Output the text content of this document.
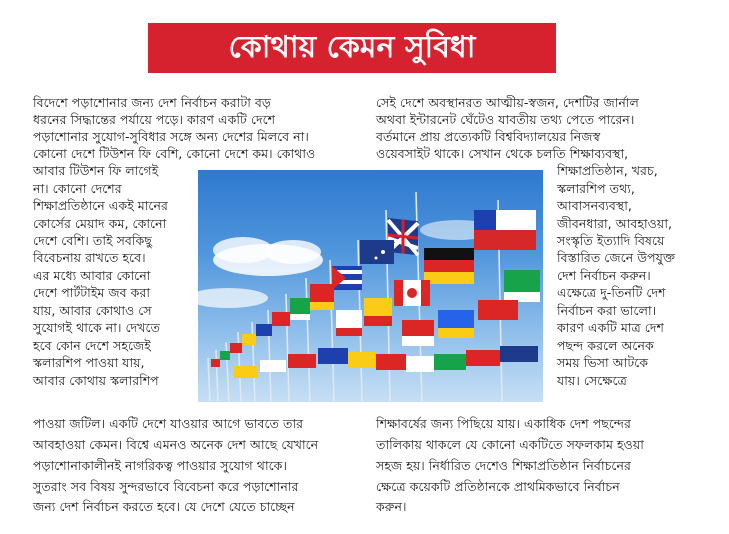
কোথায় কেমন সুবিধা
বিদেশে পড়াশোনার জন্য দেশ নির্বাচন করাটা বড়
ধরনের সিদ্ধান্তের পর্যায়ে পড়ে। কারণ একটি দেশে
পড়াশোনার সুযোগ-সুবিধার সঙ্গে অন্য দেশের মিলবে না।
কোনো দেশে টিউশন ফি বেশি, কোনো দেশে কম। কোথাও
আবার টিউশন ফি লাগেই
না। কোনো দেশের
শিক্ষাপ্রতিষ্ঠানে একই মানের
কোর্সের মেয়াদ কম, কোনো
দেশে বেশি। তাই সবকিছু
বিবেচনায় রাখতে হবে।
এর মধ্যে আবার কোনো
দেশে পার্টটাইম জব করা
যায়, আবার কোথাও সে
সুযোগই থাকে না। দেখতে
হবে কোন দেশে সহজেই
স্কলারশিপ পাওয়া যায়,
আবার কোথায় স্কলারশিপ
পাওয়া জটিল। একটি দেশে যাওয়ার আগে ভাবতে তার
আবহাওয়া কেমন। বিশ্বে এমনও অনেক দেশ আছে যেখানে
পড়াশোনাকালীনই নাগরিকত্ব পাওয়ার সুযোগ থাকে।
সুতরাং সব বিষয় সুন্দরভাবে বিবেচনা করে পড়াশোনার
জন্য দেশ নির্বাচন করতে হবে। যে দেশে যেতে চাচ্ছেন
সেই দেশে অবস্থানরত আত্মীয়-স্বজন, দেশটির জার্নাল
অথবা ইন্টারনেট ঘেঁটেও যাবতীয় তথ্য পেতে পারেন।
বর্তমানে প্রায় প্রত্যেকটি বিশ্ববিদ্যালয়ের নিজস্ব
ওয়েবসাইট থাকে। সেখান থেকে চলতি শিক্ষাব্যবস্থা,
শিক্ষাপ্রতিষ্ঠান, খরচ,
স্কলারশিপ তথ্য,
আবাসনব্যবস্থা,
জীবনধারা, আবহাওয়া,
সংস্কৃতি ইত্যাদি বিষয়ে
বিস্তারিত জেনে উপযুক্ত
দেশ নির্বাচন করুন।
এক্ষেত্রে দু-তিনটি দেশ
নির্বাচন করা ভালো।
কারণ একটি মাত্র দেশ
পছন্দ করলে অনেক
সময় ভিসা আটকে
যায়। সেক্ষেত্রে
শিক্ষাবর্ষের জন্য পিছিয়ে যায়। একাধিক দেশ পছন্দের
তালিকায় থাকলে যে কোনো একটিতে সফলকাম হওয়া
সহজ হয়। নির্ধারিত দেশেও শিক্ষাপ্রতিষ্ঠান নির্বাচনের
ক্ষেত্রে কয়েকটি প্রতিষ্ঠানকে প্রাথমিকভাবে নির্বাচন
করুন।
